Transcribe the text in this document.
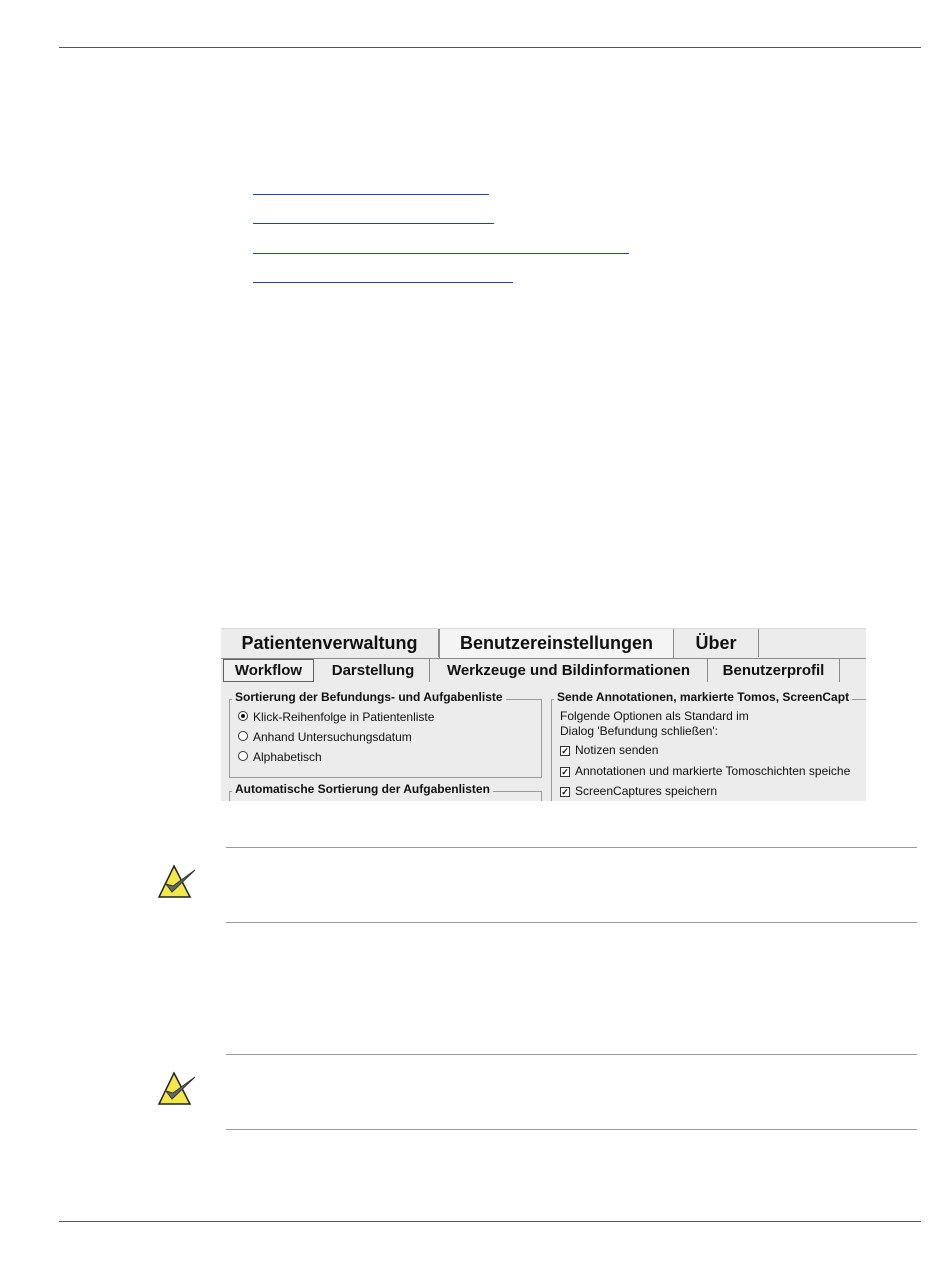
Patientenverwaltung	Benutzereinstellungen	Über
Workflow	Darstellung	Werkzeuge und Bildinformationen	Benutzerprofil
Sortierung der Befundungs- und Aufgabenliste
Klick-Reihenfolge in Patientenliste
Anhand Untersuchungsdatum
Alphabetisch
Automatische Sortierung der Aufgabenlisten
Sende Annotationen, markierte Tomos, ScreenCapt
Folgende Optionen als Standard im
Dialog 'Befundung schließen':
✓ Notizen senden
✓ Annotationen und markierte Tomoschichten speiche
✓ ScreenCaptures speichern
